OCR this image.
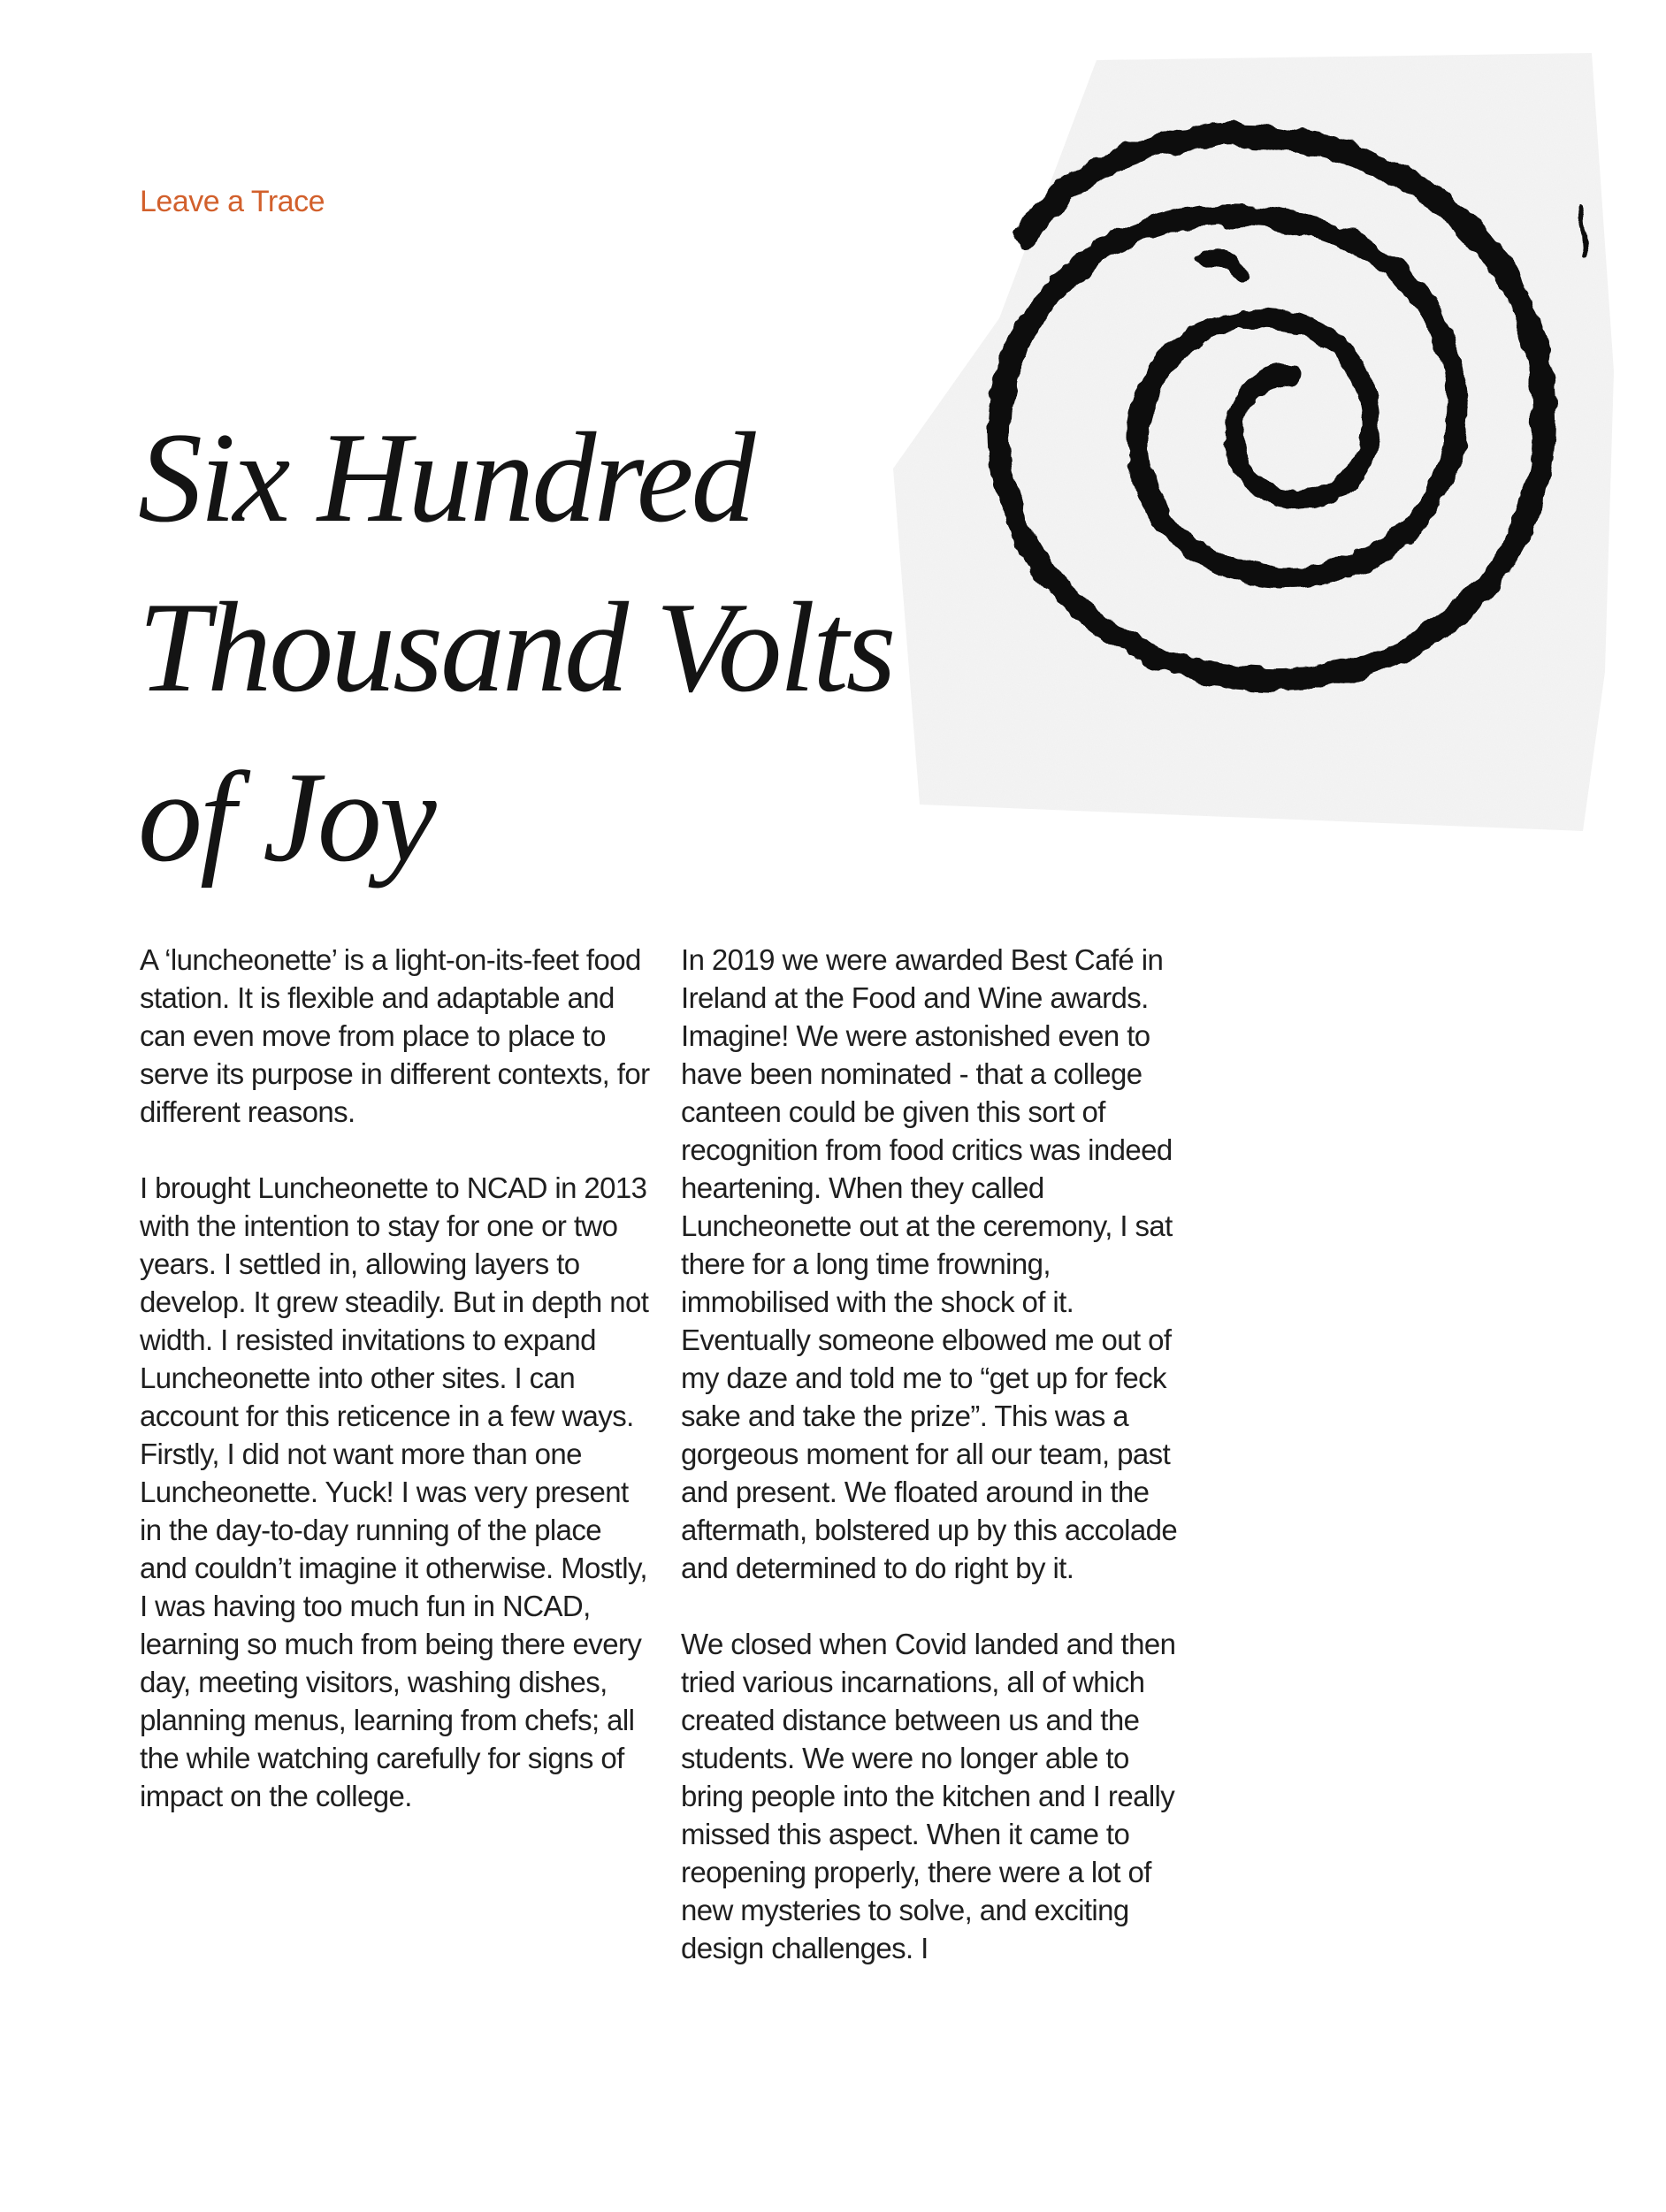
Leave a Trace
Six Hundred
Thousand Volts
of Joy

A ‘luncheonette’ is a light-on-its-feet food station. It is flexible and adaptable and can even move from place to place to serve its purpose in different contexts, for different reasons.

I brought Luncheonette to NCAD in 2013 with the intention to stay for one or two years. I settled in, allowing layers to develop. It grew steadily. But in depth not width. I resisted invitations to expand Luncheonette into other sites. I can account for this reticence in a few ways. Firstly, I did not want more than one Luncheonette. Yuck! I was very present in the day-to-day running of the place and couldn’t imagine it otherwise. Mostly, I was having too much fun in NCAD, learning so much from being there every day, meeting visitors, washing dishes, planning menus, learning from chefs; all the while watching carefully for signs of impact on the college.

In 2019 we were awarded Best Café in Ireland at the Food and Wine awards. Imagine! We were astonished even to have been nominated - that a college canteen could be given this sort of recognition from food critics was indeed heartening. When they called Luncheonette out at the ceremony, I sat there for a long time frowning, immobilised with the shock of it. Eventually someone elbowed me out of my daze and told me to “get up for feck sake and take the prize”. This was a gorgeous moment for all our team, past and present. We floated around in the aftermath, bolstered up by this accolade and determined to do right by it.

We closed when Covid landed and then tried various incarnations, all of which created distance between us and the students. We were no longer able to bring people into the kitchen and I really missed this aspect. When it came to reopening properly, there were a lot of new mysteries to solve, and exciting design challenges. I
